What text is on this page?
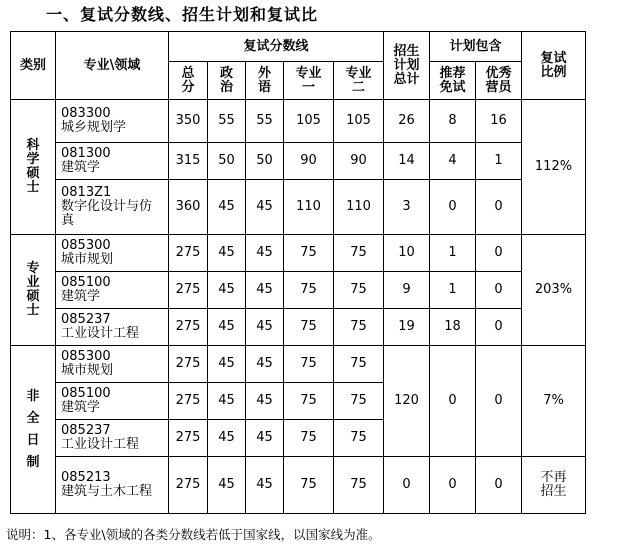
一、复试分数线、招生计划和复试比
类别	专业\领域	复试分数线					招生计划总计	计划包含		复试比例
		总分	政治	外语	专业一	专业二		推荐免试	优秀营员	
科学硕士	083300
城乡规划学	350	55	55	105	105	26	8	16	112%

	081300
建筑学	315	50	50	90	90	14	4	1	

	0813Z1
数字化设计与仿真	360	45	45	110	110	3	0	0	
专业硕士	085300
城市规划	275	45	45	75	75	10	1	0	203%

	085100
建筑学	275	45	45	75	75	9	1	0	

	085237
工业设计工程	275	45	45	75	75	19	18	0	
非全日制	085300
城市规划	275	45	45	75	75	120	0	0	7%

	085100
建筑学	275	45	45	75	75				

	085237
工业设计工程	275	45	45	75	75				

	085213
建筑与土木工程	275	45	45	75	75	0	0	0	不再招生
说明：1、各专业\领域的各类分数线若低于国家线，以国家线为准。
